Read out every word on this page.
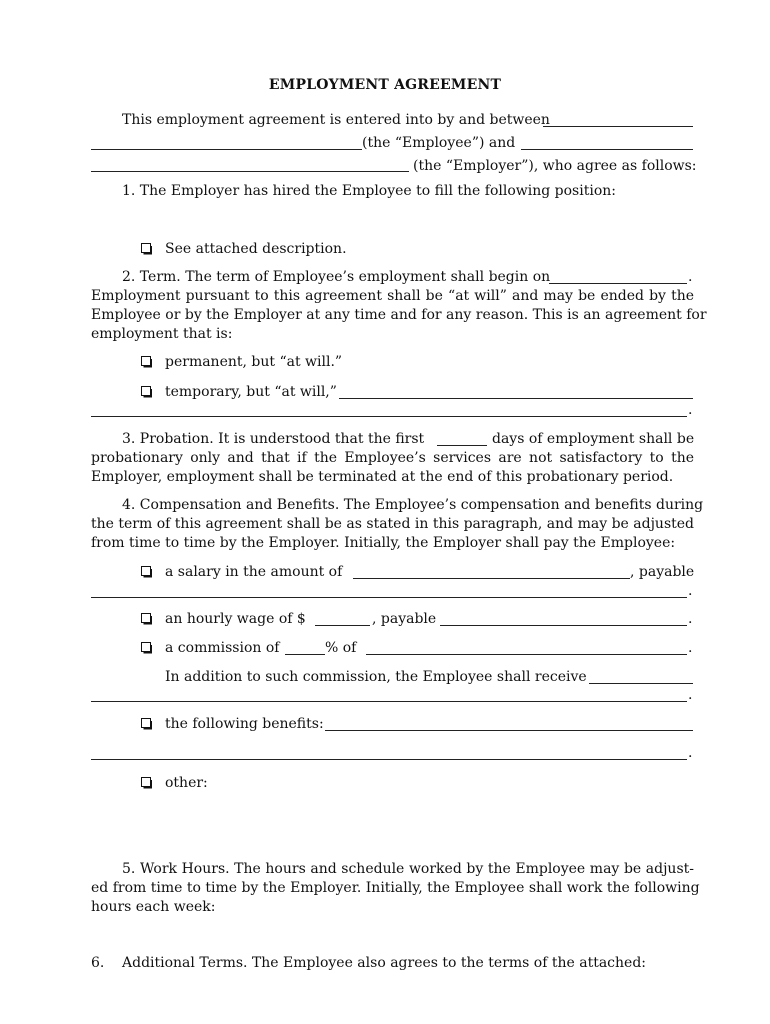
EMPLOYMENT AGREEMENT
This employment agreement is entered into by and between
(the “Employee”) and
(the “Employer”), who agree as follows:
1. The Employer has hired the Employee to fill the following position:
See attached description.
2. Term. The term of Employee’s employment shall begin on	.
Employment pursuant to this agreement shall be “at will” and may be ended by the
Employee or by the Employer at any time and for any reason. This is an agreement for
employment that is:
permanent, but “at will.”
temporary, but “at will,”
.
3. Probation. It is understood that the first	days of employment shall be
probationary only and that if the Employee’s services are not satisfactory to the
Employer, employment shall be terminated at the end of this probationary period.
4. Compensation and Benefits. The Employee’s compensation and benefits during
the term of this agreement shall be as stated in this paragraph, and may be adjusted
from time to time by the Employer. Initially, the Employer shall pay the Employee:
a salary in the amount of	, payable
.
an hourly wage of $	, payable	.
a commission of	% of	.
In addition to such commission, the Employee shall receive
.
the following benefits:
.
other:
5. Work Hours. The hours and schedule worked by the Employee may be adjust-
ed from time to time by the Employer. Initially, the Employee shall work the following
hours each week:
6. Additional Terms. The Employee also agrees to the terms of the attached:
